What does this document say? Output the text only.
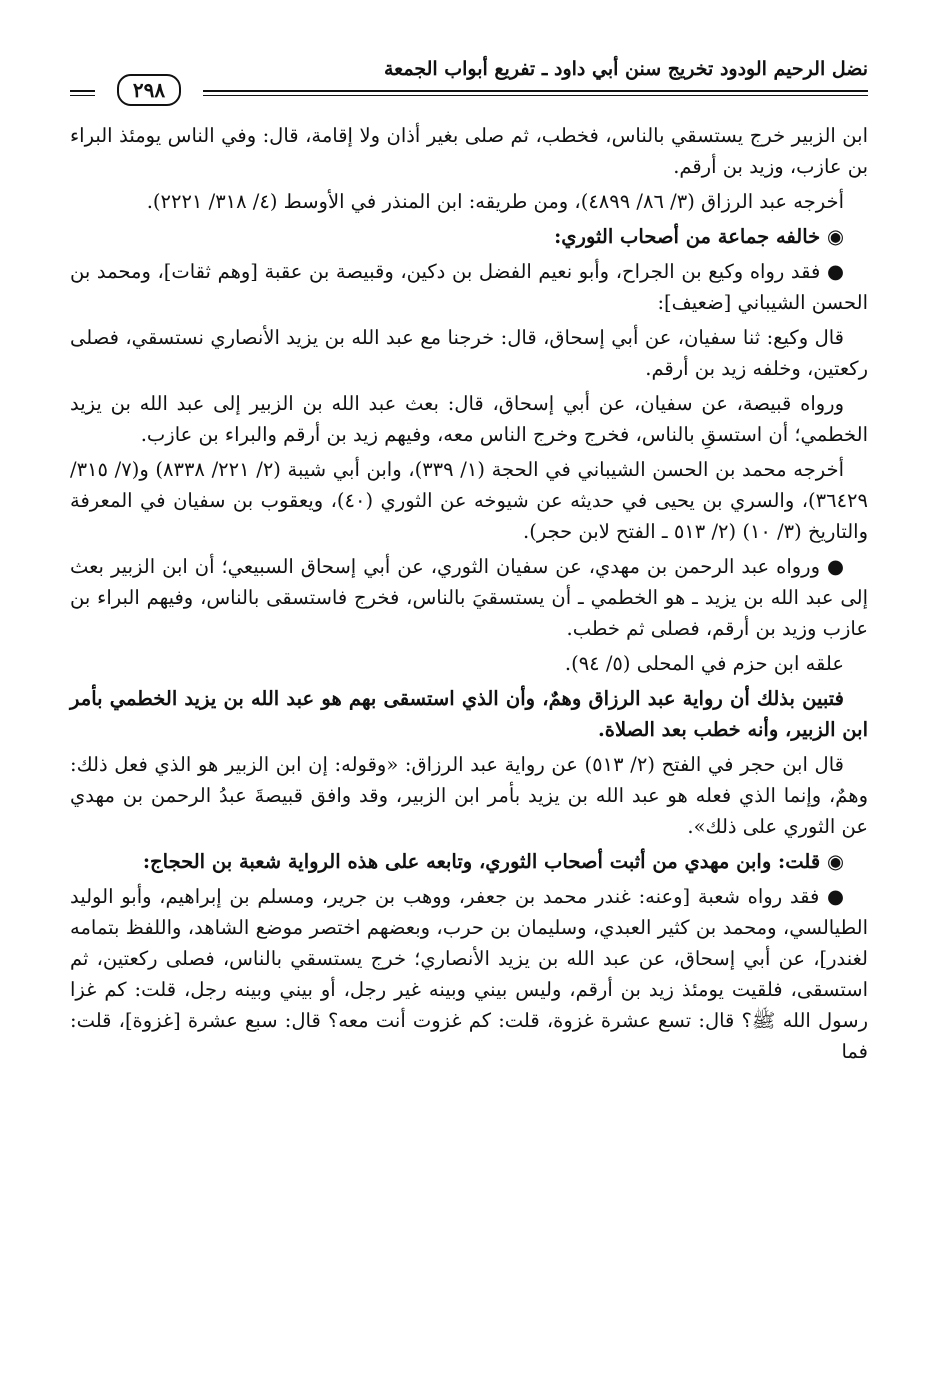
نضل الرحيم الودود تخريج سنن أبي داود ـ تفريع أبواب الجمعة
٢٩٨

ابن الزبير خرج يستسقي بالناس، فخطب، ثم صلى بغير أذان ولا إقامة، قال: وفي الناس يومئذ البراء بن عازب، وزيد بن أرقم.

أخرجه عبد الرزاق (٣/ ٨٦/ ٤٨٩٩)، ومن طريقه: ابن المنذر في الأوسط (٤/ ٣١٨/ ٢٢٢١).

◉ خالفه جماعة من أصحاب الثوري:

● فقد رواه وكيع بن الجراح، وأبو نعيم الفضل بن دكين، وقبيصة بن عقبة [وهم ثقات]، ومحمد بن الحسن الشيباني [ضعيف]:

قال وكيع: ثنا سفيان، عن أبي إسحاق، قال: خرجنا مع عبد الله بن يزيد الأنصاري نستسقي، فصلى ركعتين، وخلفه زيد بن أرقم.

ورواه قبيصة، عن سفيان، عن أبي إسحاق، قال: بعث عبد الله بن الزبير إلى عبد الله بن يزيد الخطمي؛ أن استسقِ بالناس، فخرج وخرج الناس معه، وفيهم زيد بن أرقم والبراء بن عازب.

أخرجه محمد بن الحسن الشيباني في الحجة (١/ ٣٣٩)، وابن أبي شيبة (٢/ ٢٢١/ ٨٣٣٨) و(٧/ ٣١٥/ ٣٦٤٢٩)، والسري بن يحيى في حديثه عن شيوخه عن الثوري (٤٠)، ويعقوب بن سفيان في المعرفة والتاريخ (٣/ ١٠) (٢/ ٥١٣ ـ الفتح لابن حجر).

● ورواه عبد الرحمن بن مهدي، عن سفيان الثوري، عن أبي إسحاق السبيعي؛ أن ابن الزبير بعث إلى عبد الله بن يزيد ـ هو الخطمي ـ أن يستسقيَ بالناس، فخرج فاستسقى بالناس، وفيهم البراء بن عازب وزيد بن أرقم، فصلى ثم خطب.

علقه ابن حزم في المحلى (٥/ ٩٤).

فتبين بذلك أن رواية عبد الرزاق وهمٌ، وأن الذي استسقى بهم هو عبد الله بن يزيد الخطمي بأمر ابن الزبير، وأنه خطب بعد الصلاة.

قال ابن حجر في الفتح (٢/ ٥١٣) عن رواية عبد الرزاق: «وقوله: إن ابن الزبير هو الذي فعل ذلك: وهمٌ، وإنما الذي فعله هو عبد الله بن يزيد بأمر ابن الزبير، وقد وافق قبيصةَ عبدُ الرحمن بن مهدي عن الثوري على ذلك».

◉ قلت: وابن مهدي من أثبت أصحاب الثوري، وتابعه على هذه الرواية شعبة بن الحجاج:

● فقد رواه شعبة [وعنه: غندر محمد بن جعفر، ووهب بن جرير، ومسلم بن إبراهيم، وأبو الوليد الطيالسي، ومحمد بن كثير العبدي، وسليمان بن حرب، وبعضهم اختصر موضع الشاهد، واللفظ بتمامه لغندر]، عن أبي إسحاق، عن عبد الله بن يزيد الأنصاري؛ خرج يستسقي بالناس، فصلى ركعتين، ثم استسقى، فلقيت يومئذ زيد بن أرقم، وليس بيني وبينه غير رجل، أو بيني وبينه رجل، قلت: كم غزا رسول الله ﷺ؟ قال: تسع عشرة غزوة، قلت: كم غزوت أنت معه؟ قال: سبع عشرة [غزوة]، قلت: فما
